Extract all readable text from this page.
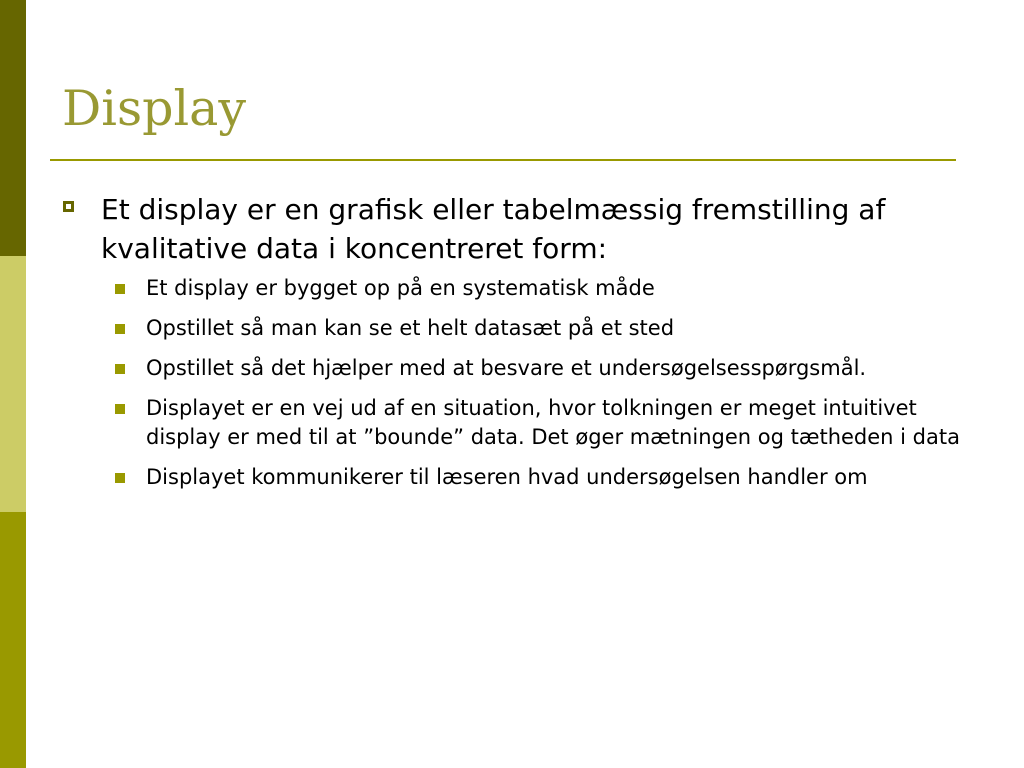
Display

Et display er en grafisk eller tabelmæssig fremstilling af kvalitative data i koncentreret form:

Et display er bygget op på en systematisk måde
Opstillet så man kan se et helt datasæt på et sted
Opstillet så det hjælper med at besvare et undersøgelsesspørgsmål.
Displayet er en vej ud af en situation, hvor tolkningen er meget intuitivet display er med til at ”bounde” data. Det øger mætningen og tætheden i data
Displayet kommunikerer til læseren hvad undersøgelsen handler om
